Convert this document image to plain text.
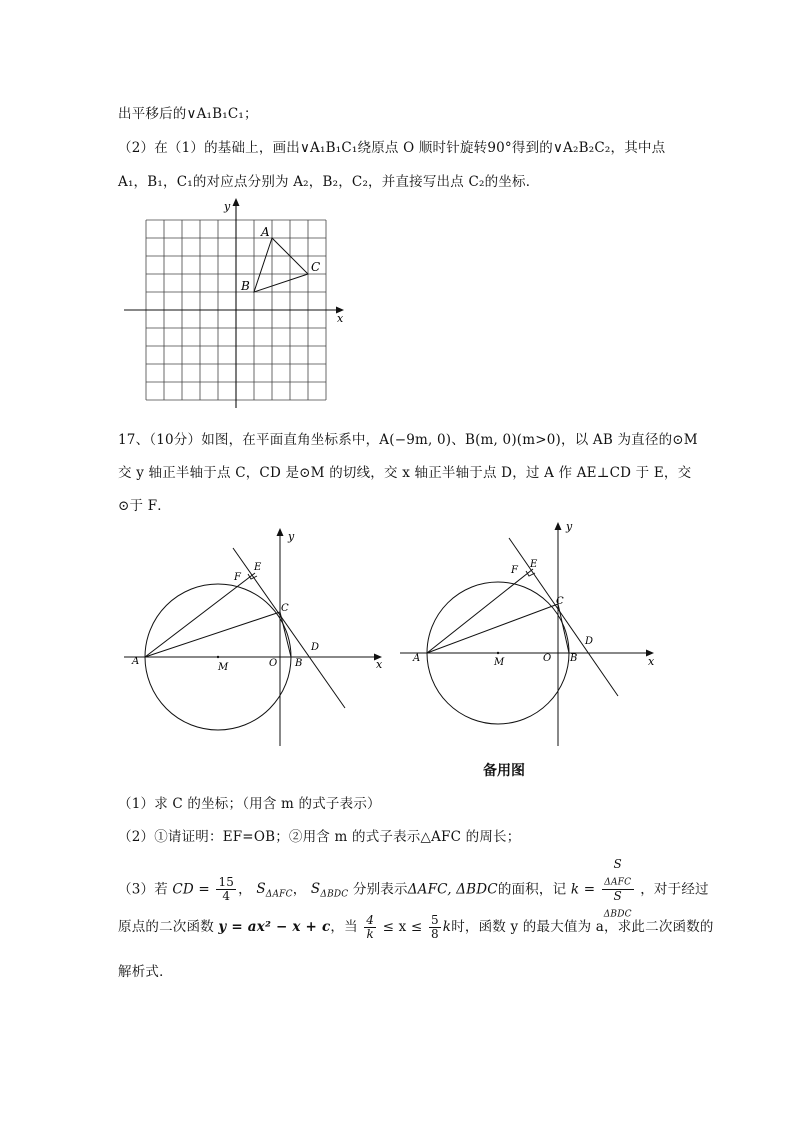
出平移后的∨A₁B₁C₁；
（2）在（1）的基础上，画出∨A₁B₁C₁绕原点 O 顺时针旋转90°得到的∨A₂B₂C₂，其中点
A₁，B₁，C₁的对应点分别为 A₂，B₂，C₂，并直接写出点 C₂的坐标．
x
y
A
B
C
17、（10分）如图，在平面直角坐标系中，A(−9m, 0)、B(m, 0)(m>0)，以 AB 为直径的⊙M
交 y 轴正半轴于点 C，CD 是⊙M 的切线，交 x 轴正半轴于点 D，过 A 作 AE⊥CD 于 E，交
⊙于 F．
y
x
A
M	O B
C
D
E
F
y
x
A	M	O B
C
D
E
F
备用图
（1）求 C 的坐标；（用含 m 的式子表示）
（2）①请证明：EF=OB；②用含 m 的式子表示△AFC 的周长；
（3）若 CD = $\frac{15}{4}$ ， $S_{\Delta AFC}$， $S_{\Delta BDC}$ 分别表示ΔAFC, ΔBDC的面积，记 k = S
$_{\Delta AFC}$
S
$_{\Delta BDC}$ ，对于经过
原点的二次函数 y = ax² − x + c，当 $\frac{4}{k} \le x \le \frac{5}{8}$ k时，函数 y 的最大值为 a，求此二次函数的
解析式．
